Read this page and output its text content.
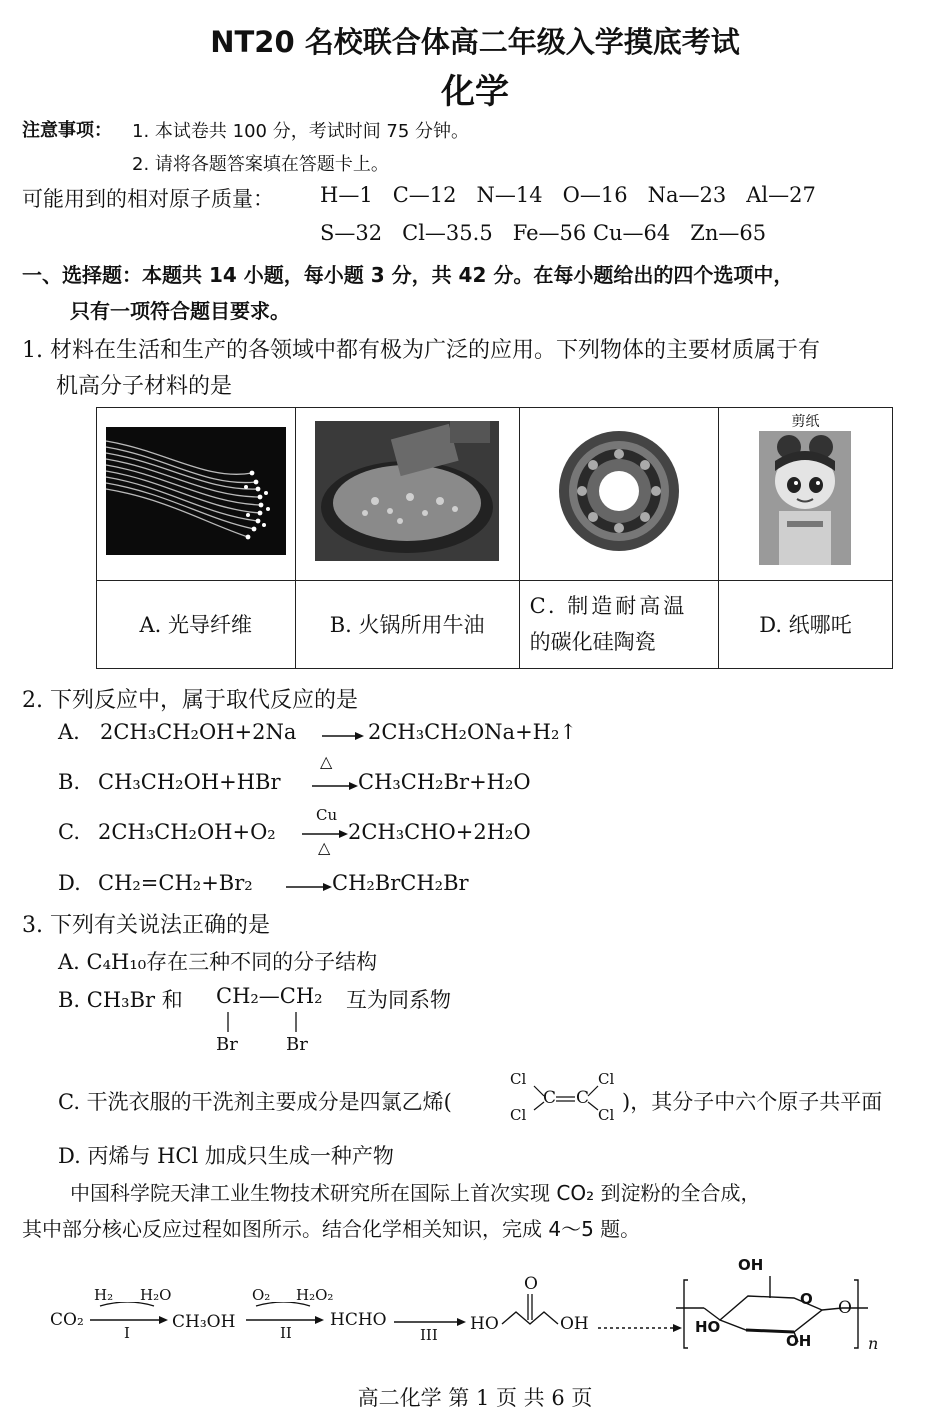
NT20 名校联合体高二年级入学摸底考试
化学
注意事项： 1. 本试卷共 100 分，考试时间 75 分钟。
2. 请将各题答案填在答题卡上。
可能用到的相对原子质量： H—1   C—12   N—14   O—16   Na—23   Al—27
S—32   Cl—35.5   Fe—56 Cu—64   Zn—65
一、选择题：本题共 14 小题，每小题 3 分，共 42 分。在每小题给出的四个选项中，
只有一项符合题目要求。
1. 材料在生活和生产的各领域中都有极为广泛的应用。下列物体的主要材质属于有
机高分子材料的是

剪纸

A. 光导纤维	B. 火锅所用牛油	C. 制造耐高温
的碳化硅陶瓷	D. 纸哪吒
2. 下列反应中，属于取代反应的是
A. 2CH₃CH₂OH+2Na → 2CH₃CH₂ONa+H₂↑
B. CH₃CH₂OH+HBr
△
CH₃CH₂Br+H₂O
C. 2CH₃CH₂OH+O₂
Cu
△
2CH₃CHO+2H₂O
D. CH₂=CH₂+Br₂	CH₂BrCH₂Br
3. 下列有关说法正确的是
A. C₄H₁₀存在三种不同的分子结构
B. CH₃Br 和 CH₂—CH₂
Br	Br
互为同系物
C. 干洗衣服的干洗剂主要成分是四氯乙烯(
Cl
Cl
Cl
Cl
C C )，其分子中六个原子共平面
D. 丙烯与 HCl 加成只生成一种产物
中国科学院天津工业生物技术研究所在国际上首次实现 CO₂ 到淀粉的全合成，
其中部分核心反应过程如图所示。结合化学相关知识，完成 4～5 题。
CO₂
H₂ H₂O
I
CH₃OH
O₂ H₂O₂
II
HCHO
III
HO
O
OH
OH
HO
OH
O O
n
高二化学 第 1 页 共 6 页
